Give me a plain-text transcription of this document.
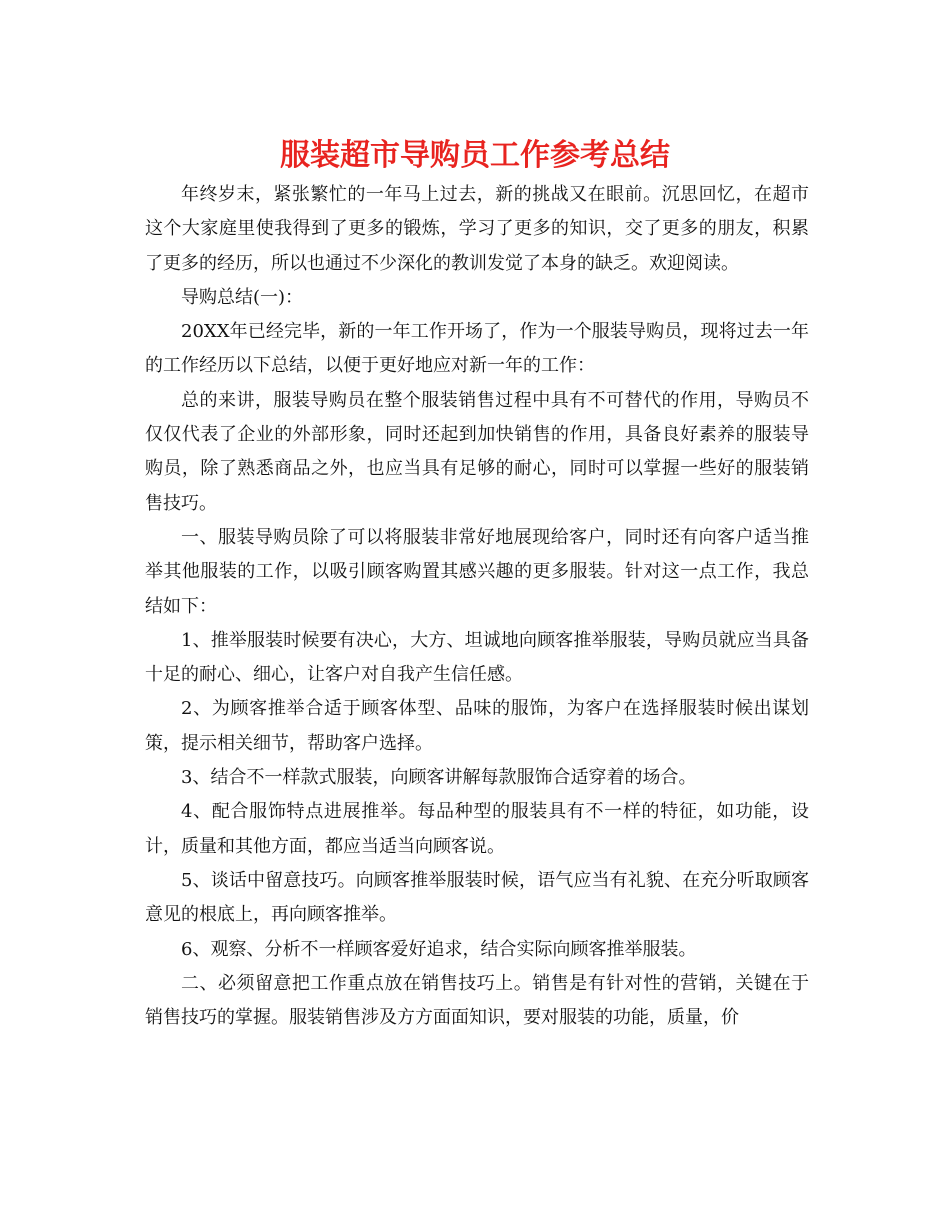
服装超市导购员工作参考总结

年终岁末，紧张繁忙的一年马上过去，新的挑战又在眼前。沉思回忆，在超市这个大家庭里使我得到了更多的锻炼，学习了更多的知识，交了更多的朋友，积累了更多的经历，所以也通过不少深化的教训发觉了本身的缺乏。欢迎阅读。

导购总结(一)：

20XX年已经完毕，新的一年工作开场了，作为一个服装导购员，现将过去一年的工作经历以下总结，以便于更好地应对新一年的工作：

总的来讲，服装导购员在整个服装销售过程中具有不可替代的作用，导购员不仅仅代表了企业的外部形象，同时还起到加快销售的作用，具备良好素养的服装导购员，除了熟悉商品之外，也应当具有足够的耐心，同时可以掌握一些好的服装销售技巧。

一、服装导购员除了可以将服装非常好地展现给客户，同时还有向客户适当推举其他服装的工作，以吸引顾客购置其感兴趣的更多服装。针对这一点工作，我总结如下：

1、推举服装时候要有决心，大方、坦诚地向顾客推举服装，导购员就应当具备十足的耐心、细心，让客户对自我产生信任感。

2、为顾客推举合适于顾客体型、品味的服饰，为客户在选择服装时候出谋划策，提示相关细节，帮助客户选择。

3、结合不一样款式服装，向顾客讲解每款服饰合适穿着的场合。

4、配合服饰特点进展推举。每品种型的服装具有不一样的特征，如功能，设计，质量和其他方面，都应当适当向顾客说。

5、谈话中留意技巧。向顾客推举服装时候，语气应当有礼貌、在充分听取顾客意见的根底上，再向顾客推举。

6、观察、分析不一样顾客爱好追求，结合实际向顾客推举服装。

二、必须留意把工作重点放在销售技巧上。销售是有针对性的营销，关键在于销售技巧的掌握。服装销售涉及方方面面知识，要对服装的功能，质量，价
